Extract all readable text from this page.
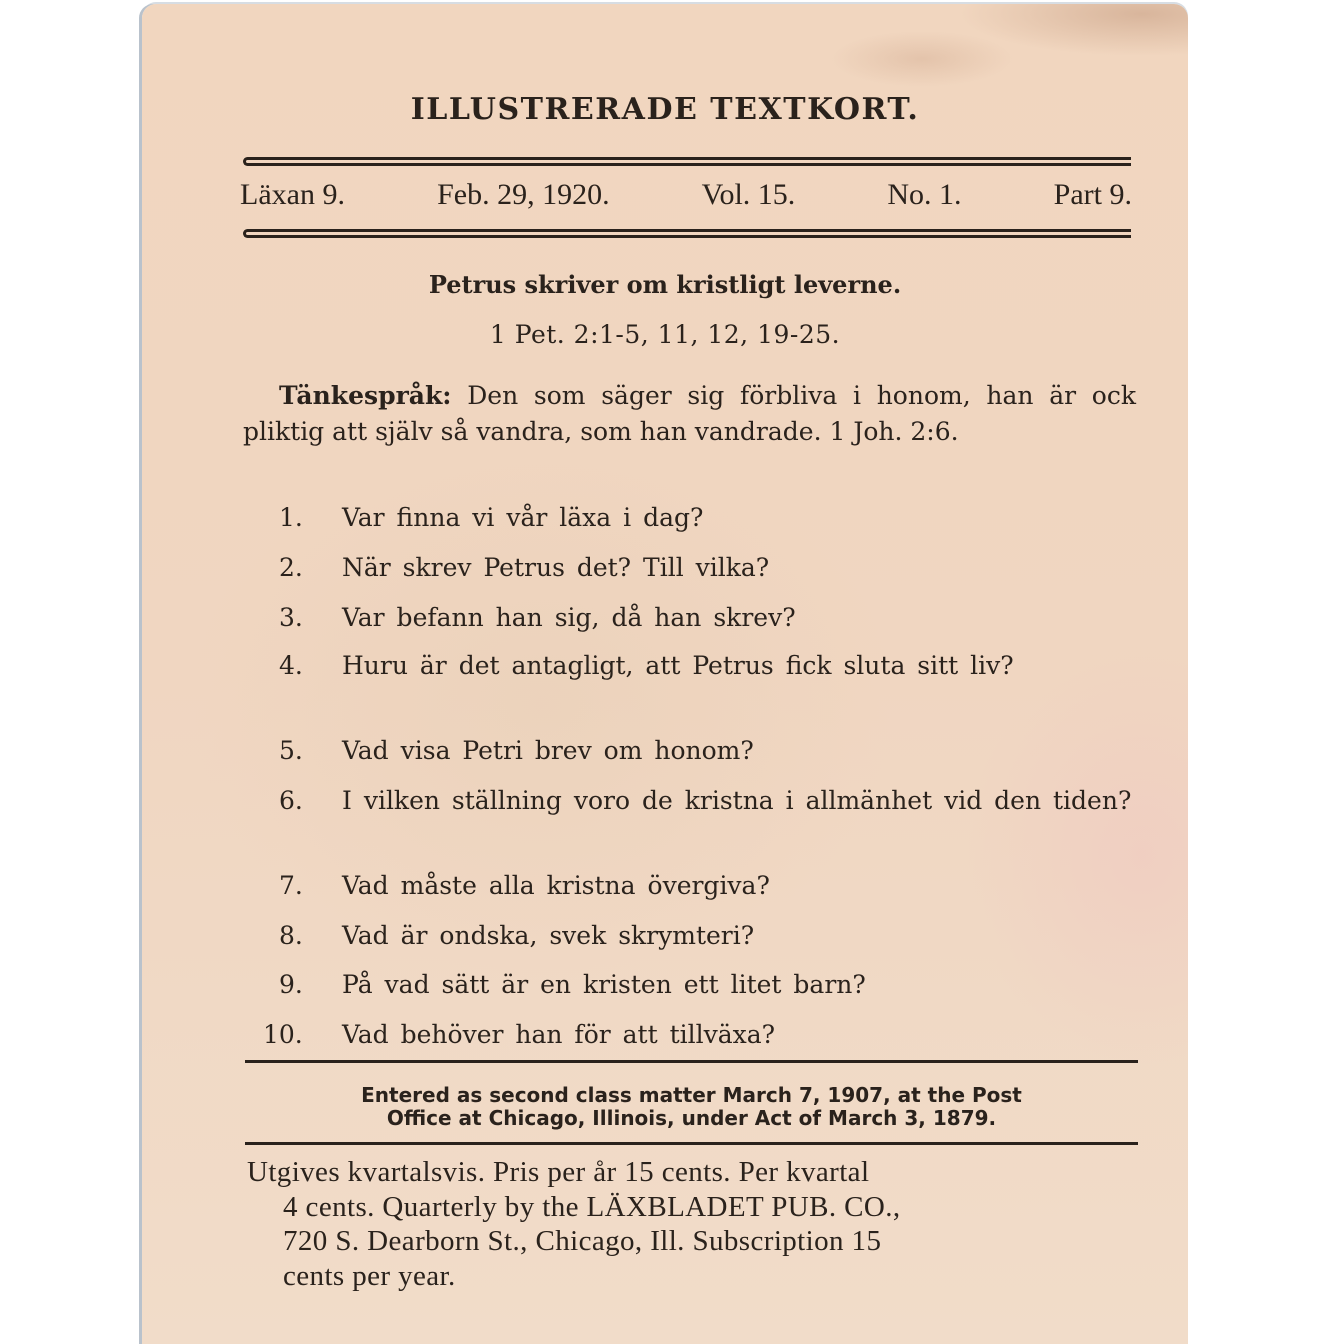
ILLUSTRERADE TEXTKORT.
Läxan 9.	Feb. 29, 1920.	Vol. 15.	No. 1.	Part 9.
Petrus skriver om kristligt leverne.
1 Pet. 2:1-5, 11, 12, 19-25.
Tänkespråk: Den som säger sig förbliva i honom, han är ock pliktig att själv så vandra, som han vandrade. 1 Joh. 2:6.
1. Var finna vi vår läxa i dag?
2. När skrev Petrus det? Till vilka?
3. Var befann han sig, då han skrev?
4. Huru är det antagligt, att Petrus fick sluta sitt liv?
5. Vad visa Petri brev om honom?
6. I vilken ställning voro de kristna i allmänhet vid den tiden?
7. Vad måste alla kristna övergiva?
8. Vad är ondska, svek skrymteri?
9. På vad sätt är en kristen ett litet barn?
10. Vad behöver han för att tillväxa?
Entered as second class matter March 7, 1907, at the Post
Office at Chicago, Illinois, under Act of March 3, 1879.
Utgives kvartalsvis. Pris per år 15 cents. Per kvartal
4 cents. Quarterly by the LÄXBLADET PUB. CO.,
720 S. Dearborn St., Chicago, Ill. Subscription 15
cents per year.
